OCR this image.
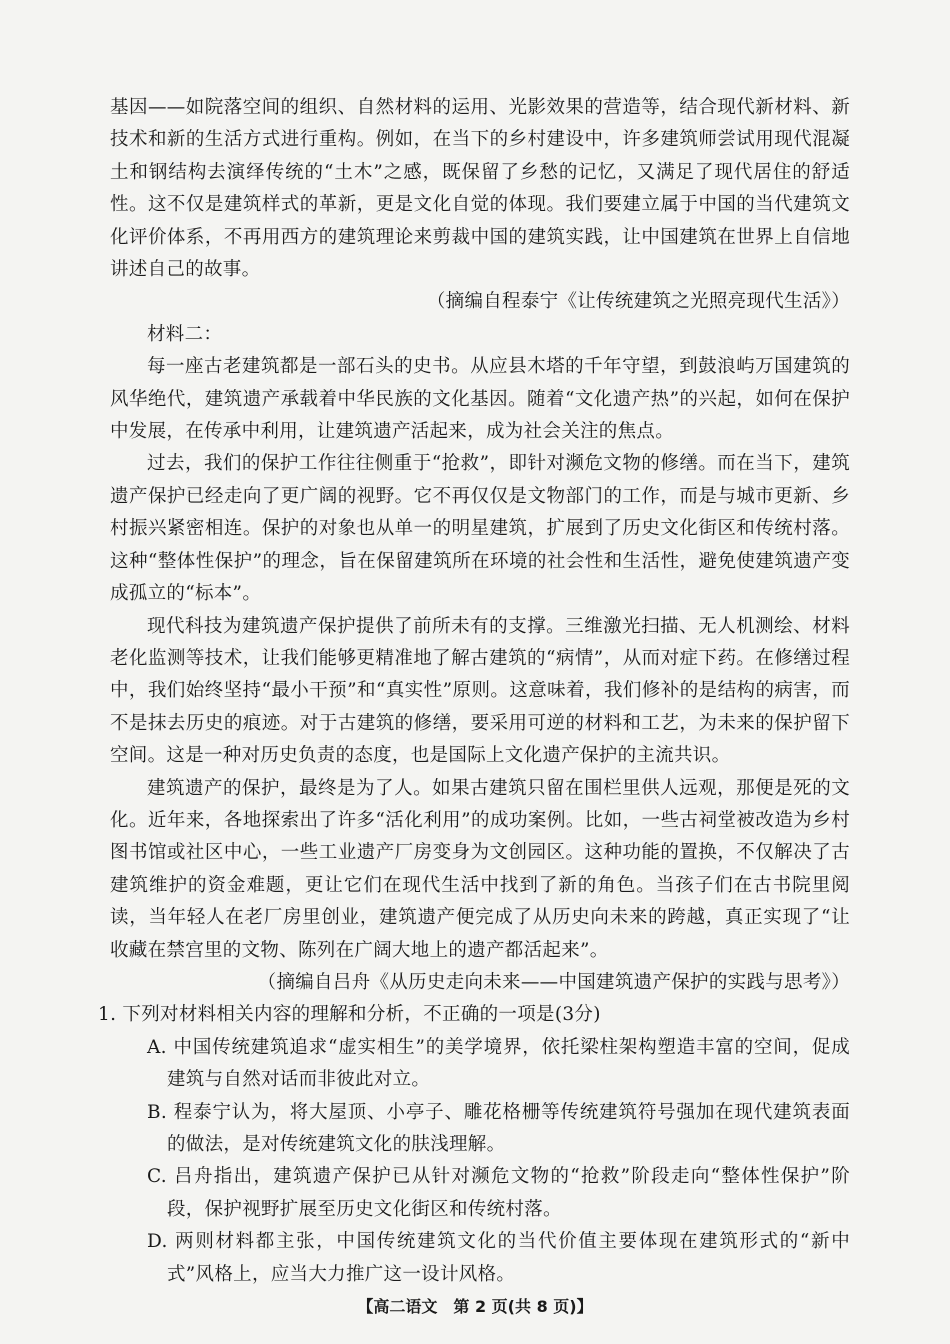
基因——如院落空间的组织、自然材料的运用、光影效果的营造等，结合现代新材料、新技术和新的生活方式进行重构。例如，在当下的乡村建设中，许多建筑师尝试用现代混凝土和钢结构去演绎传统的“土木”之感，既保留了乡愁的记忆，又满足了现代居住的舒适性。这不仅是建筑样式的革新，更是文化自觉的体现。我们要建立属于中国的当代建筑文化评价体系，不再用西方的建筑理论来剪裁中国的建筑实践，让中国建筑在世界上自信地讲述自己的故事。

（摘编自程泰宁《让传统建筑之光照亮现代生活》）

材料二：

每一座古老建筑都是一部石头的史书。从应县木塔的千年守望，到鼓浪屿万国建筑的风华绝代，建筑遗产承载着中华民族的文化基因。随着“文化遗产热”的兴起，如何在保护中发展，在传承中利用，让建筑遗产活起来，成为社会关注的焦点。

过去，我们的保护工作往往侧重于“抢救”，即针对濒危文物的修缮。而在当下，建筑遗产保护已经走向了更广阔的视野。它不再仅仅是文物部门的工作，而是与城市更新、乡村振兴紧密相连。保护的对象也从单一的明星建筑，扩展到了历史文化街区和传统村落。这种“整体性保护”的理念，旨在保留建筑所在环境的社会性和生活性，避免使建筑遗产变成孤立的“标本”。

现代科技为建筑遗产保护提供了前所未有的支撑。三维激光扫描、无人机测绘、材料老化监测等技术，让我们能够更精准地了解古建筑的“病情”，从而对症下药。在修缮过程中，我们始终坚持“最小干预”和“真实性”原则。这意味着，我们修补的是结构的病害，而不是抹去历史的痕迹。对于古建筑的修缮，要采用可逆的材料和工艺，为未来的保护留下空间。这是一种对历史负责的态度，也是国际上文化遗产保护的主流共识。

建筑遗产的保护，最终是为了人。如果古建筑只留在围栏里供人远观，那便是死的文化。近年来，各地探索出了许多“活化利用”的成功案例。比如，一些古祠堂被改造为乡村图书馆或社区中心，一些工业遗产厂房变身为文创园区。这种功能的置换，不仅解决了古建筑维护的资金难题，更让它们在现代生活中找到了新的角色。当孩子们在古书院里阅读，当年轻人在老厂房里创业，建筑遗产便完成了从历史向未来的跨越，真正实现了“让收藏在禁宫里的文物、陈列在广阔大地上的遗产都活起来”。

（摘编自吕舟《从历史走向未来——中国建筑遗产保护的实践与思考》）

1. 下列对材料相关内容的理解和分析，不正确的一项是(3分)

A. 中国传统建筑追求“虚实相生”的美学境界，依托梁柱架构塑造丰富的空间，促成建筑与自然对话而非彼此对立。

B. 程泰宁认为，将大屋顶、小亭子、雕花格栅等传统建筑符号强加在现代建筑表面的做法，是对传统建筑文化的肤浅理解。

C. 吕舟指出，建筑遗产保护已从针对濒危文物的“抢救”阶段走向“整体性保护”阶段，保护视野扩展至历史文化街区和传统村落。

D. 两则材料都主张，中国传统建筑文化的当代价值主要体现在建筑形式的“新中式”风格上，应当大力推广这一设计风格。

【高二语文　第 2 页(共 8 页)】
